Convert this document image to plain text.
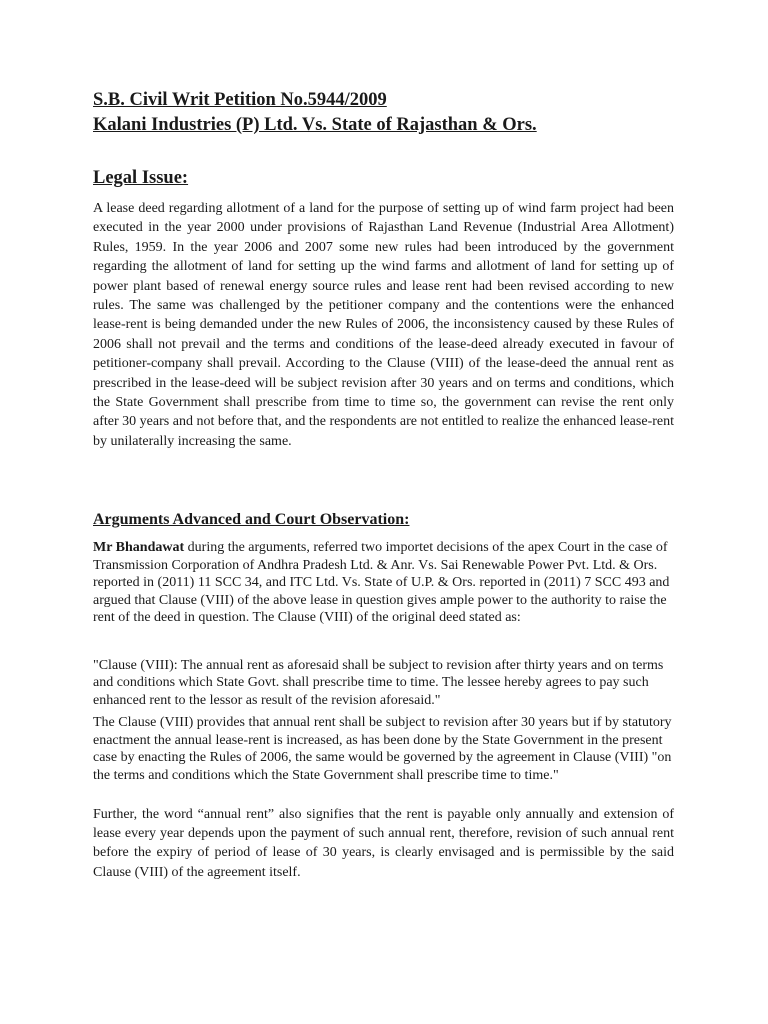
S.B. Civil Writ Petition No.5944/2009
Kalani Industries (P) Ltd. Vs. State of Rajasthan & Ors.
Legal Issue:

A lease deed regarding allotment of a land for the purpose of setting up of wind farm project had been executed in the year 2000 under provisions of Rajasthan Land Revenue (Industrial Area Allotment) Rules, 1959. In the year 2006 and 2007 some new rules had been introduced by the government regarding the allotment of land for setting up the wind farms and allotment of land for setting up of power plant based of renewal energy source rules and lease rent had been revised according to new rules. The same was challenged by the petitioner company and the contentions were the enhanced lease-rent is being demanded under the new Rules of 2006, the inconsistency caused by these Rules of 2006 shall not prevail and the terms and conditions of the lease-deed already executed in favour of petitioner-company shall prevail. According to the Clause (VIII) of the lease-deed the annual rent as prescribed in the lease-deed will be subject revision after 30 years and on terms and conditions, which the State Government shall prescribe from time to time so, the government can revise the rent only after 30 years and not before that, and the respondents are not entitled to realize the enhanced lease-rent by unilaterally increasing the same.

Arguments Advanced and Court Observation:

Mr Bhandawat during the arguments, referred two importet decisions of the apex Court in the case of Transmission Corporation of Andhra Pradesh Ltd. & Anr. Vs. Sai Renewable Power Pvt. Ltd. & Ors. reported in (2011) 11 SCC 34, and ITC Ltd. Vs. State of U.P. & Ors. reported in (2011) 7 SCC 493 and argued that Clause (VIII) of the above lease in question gives ample power to the authority to raise the rent of the deed in question. The Clause (VIII) of the original deed stated as:

"Clause (VIII): The annual rent as aforesaid shall be subject to revision after thirty years and on terms and conditions which State Govt. shall prescribe time to time. The lessee hereby agrees to pay such enhanced rent to the lessor as result of the revision aforesaid."

The Clause (VIII) provides that annual rent shall be subject to revision after 30 years but if by statutory enactment the annual lease-rent is increased, as has been done by the State Government in the present case by enacting the Rules of 2006, the same would be governed by the agreement in Clause (VIII) "on the terms and conditions which the State Government shall prescribe time to time."

Further, the word “annual rent” also signifies that the rent is payable only annually and extension of lease every year depends upon the payment of such annual rent, therefore, revision of such annual rent before the expiry of period of lease of 30 years, is clearly envisaged and is permissible by the said Clause (VIII) of the agreement itself.
